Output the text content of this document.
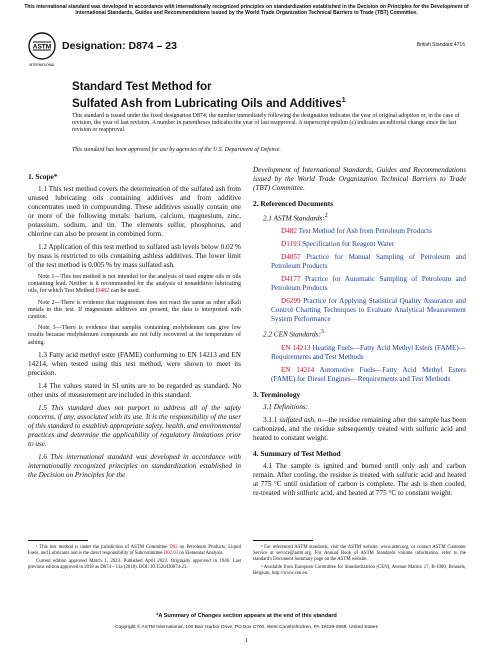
This international standard was developed in accordance with internationally recognized principles on standardization established in the Decision on Principles for the Development of International Standards, Guides and Recommendations issued by the World Trade Organization Technical Barriers to Trade (TBT) Committee.
ASTM
INTERNATIONAL
Designation: D874 – 23	British Standard 4716
Standard Test Method for
Sulfated Ash from Lubricating Oils and Additives$^1$
This standard is issued under the fixed designation D874; the number immediately following the designation indicates the year of original adoption or, in the case of revision, the year of last revision. A number in parentheses indicates the year of last reapproval. A superscript epsilon (ε) indicates an editorial change since the last revision or reapproval.
This standard has been approved for use by agencies of the U.S. Department of Defense.
1. Scope*

1.1 This test method covers the determination of the sulfated ash from unused lubricating oils containing additives and from additive concentrates used in compounding. These additives usually contain one or more of the following metals: barium, calcium, magnesium, zinc, potassium, sodium, and tin. The elements sulfur, phosphorus, and chlorine can also be present in combined form.

1.2 Application of this test method to sulfated ash levels below 0.02 % by mass is restricted to oils containing ashless additives. The lower limit of the test method is 0.005 % by mass sulfated ash.

Note 1—This test method is not intended for the analysis of used engine oils or oils containing lead. Neither is it recommended for the analysis of nonadditive lubricating oils, for which Test Method D482 can be used.

Note 2—There is evidence that magnesium does not react the same as other alkali metals in this test. If magnesium additives are present, the data is interpreted with caution.

Note 3—There is evidence that samples containing molybdenum can give low results because molybdenum compounds are not fully recovered at the temperature of ashing.

1.3 Fatty acid methyl ester (FAME) conforming to EN 14213 and EN 14214, when tested using this test method, were shown to meet its precision.

1.4 The values stated in SI units are to be regarded as standard. No other units of measurement are included in this standard.

1.5 This standard does not purport to address all of the safety concerns, if any, associated with its use. It is the responsibility of the user of this standard to establish appropriate safety, health, and environmental practices and determine the applicability of regulatory limitations prior to use.

1.6 This international standard was developed in accordance with internationally recognized principles on standardization established in the Decision on Principles for the

Development of International Standards, Guides and Recommendations issued by the World Trade Organization Technical Barriers to Trade (TBT) Committee.

2. Referenced Documents

2.1 ASTM Standards:$^2$

D482 Test Method for Ash from Petroleum Products

D1193 Specification for Reagent Water

D4057 Practice for Manual Sampling of Petroleum and Petroleum Products

D4177 Practice for Automatic Sampling of Petroleum and Petroleum Products

D6299 Practice for Applying Statistical Quality Assurance and Control Charting Techniques to Evaluate Analytical Measurement System Performance

2.2 CEN Standards:$^3$

EN 14213 Heating Fuels—Fatty Acid Methyl Esters (FAME)—Requirements and Test Methods

EN 14214 Automotive Fuels—Fatty Acid Methyl Esters (FAME) for Diesel Engines—Requirements and Test Methods

3. Terminology

3.1 Definitions:

3.1.1 sulfated ash, n—the residue remaining after the sample has been carbonized, and the residue subsequently treated with sulfuric acid and heated to constant weight.

4. Summary of Test Method

4.1 The sample is ignited and burned until only ash and carbon remain. After cooling, the residue is treated with sulfuric acid and heated at 775 °C until oxidation of carbon is complete. The ash is then cooled, re-treated with sulfuric acid, and heated at 775 °C to constant weight.

¹ This test method is under the jurisdiction of ASTM Committee D02 on Petroleum Products, Liquid Fuels, and Lubricants and is the direct responsibility of Subcommittee D02.03 on Elemental Analysis.

Current edition approved March 1, 2023. Published April 2023. Originally approved in 1946. Last previous edition approved in 2018 as D874 – 13a (2018). DOI: 10.1520/D0874-23.

² For referenced ASTM standards, visit the ASTM website, www.astm.org, or contact ASTM Customer Service at service@astm.org. For Annual Book of ASTM Standards volume information, refer to the standard's Document Summary page on the ASTM website.

³ Available from European Committee for Standardization (CEN), Avenue Marnix 17, B-1000, Brussels, Belgium, http://www.cen.eu.

*A Summary of Changes section appears at the end of this standard
Copyright © ASTM International, 100 Barr Harbor Drive, PO Box C700, West Conshohocken, PA 19428-2959. United States
1
